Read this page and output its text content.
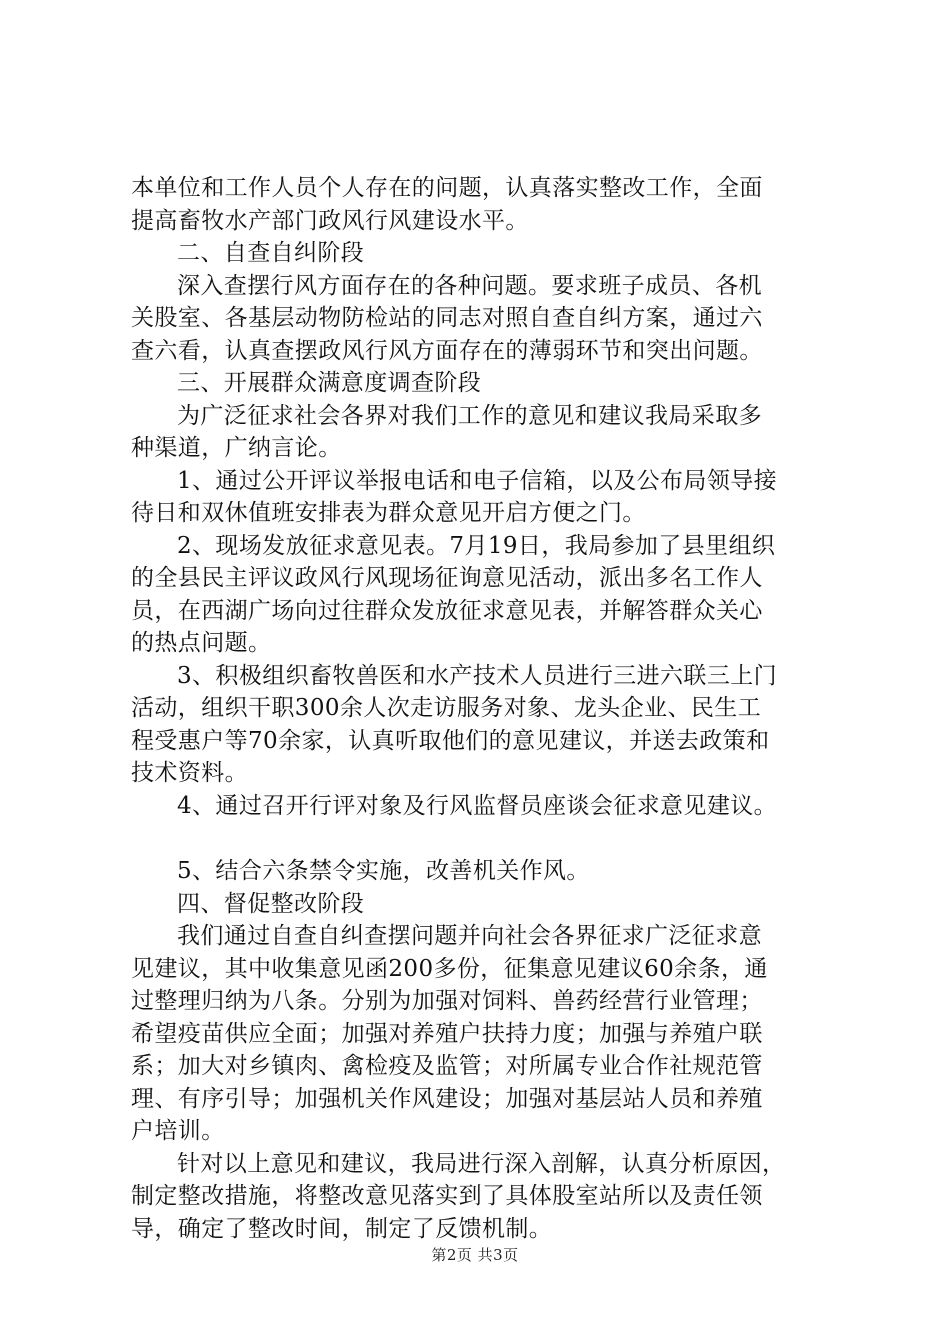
本单位和工作人员个人存在的问题，认真落实整改工作，全面
提高畜牧水产部门政风行风建设水平。
二、自查自纠阶段
深入查摆行风方面存在的各种问题。要求班子成员、各机
关股室、各基层动物防检站的同志对照自查自纠方案，通过六
查六看，认真查摆政风行风方面存在的薄弱环节和突出问题。
三、开展群众满意度调查阶段
为广泛征求社会各界对我们工作的意见和建议我局采取多
种渠道，广纳言论。
1、通过公开评议举报电话和电子信箱，以及公布局领导接
待日和双休值班安排表为群众意见开启方便之门。
2、现场发放征求意见表。7月19日，我局参加了县里组织
的全县民主评议政风行风现场征询意见活动，派出多名工作人
员，在西湖广场向过往群众发放征求意见表，并解答群众关心
的热点问题。
3、积极组织畜牧兽医和水产技术人员进行三进六联三上门
活动，组织干职300余人次走访服务对象、龙头企业、民生工
程受惠户等70余家，认真听取他们的意见建议，并送去政策和
技术资料。
4、通过召开行评对象及行风监督员座谈会征求意见建议。
5、结合六条禁令实施，改善机关作风。
四、督促整改阶段
我们通过自查自纠查摆问题并向社会各界征求广泛征求意
见建议，其中收集意见函200多份，征集意见建议60余条，通
过整理归纳为八条。分别为加强对饲料、兽药经营行业管理；
希望疫苗供应全面；加强对养殖户扶持力度；加强与养殖户联
系；加大对乡镇肉、禽检疫及监管；对所属专业合作社规范管
理、有序引导；加强机关作风建设；加强对基层站人员和养殖
户培训。
针对以上意见和建议，我局进行深入剖解，认真分析原因，
制定整改措施，将整改意见落实到了具体股室站所以及责任领
导，确定了整改时间，制定了反馈机制。
第2页 共3页
